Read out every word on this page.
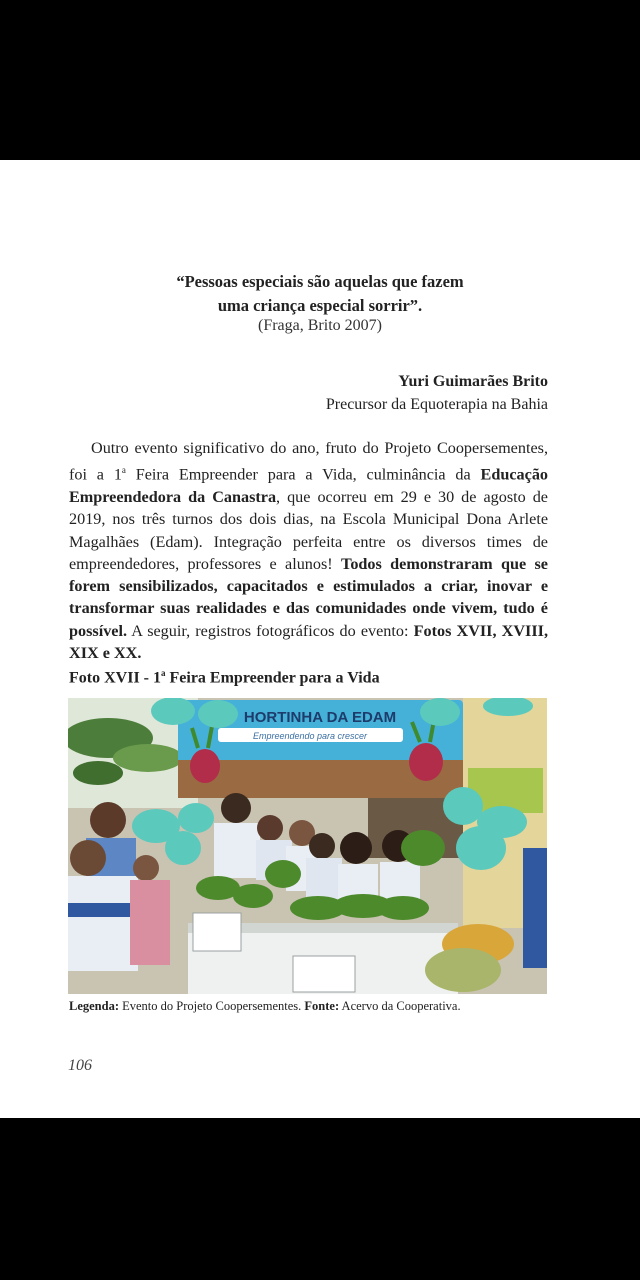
“Pessoas especiais são aquelas que fazem
uma criança especial sorrir”.
(Fraga, Brito 2007)
Yuri Guimarães Brito
Precursor da Equoterapia na Bahia

Outro evento significativo do ano, fruto do Projeto Coopersementes, foi a 1$^a$ Feira Empreender para a Vida, culminância da Educação Empreendedora da Canastra, que ocorreu em 29 e 30 de agosto de 2019, nos três turnos dos dois dias, na Escola Municipal Dona Arlete Magalhães (Edam). Integração perfeita entre os diversos times de empreendedores, professores e alunos! Todos demonstraram que se forem sensibilizados, capacitados e estimulados a criar, inovar e transformar suas realidades e das comunidades onde vivem, tudo é possível. A seguir, registros fotográficos do evento: Fotos XVII, XVIII, XIX e XX.

Foto XVII - 1$^a$ Feira Empreender para a Vida
HORTINHA DA EDAM
Empreendendo para crescer
Legenda: Evento do Projeto Coopersementes. Fonte: Acervo da Cooperativa.
106
